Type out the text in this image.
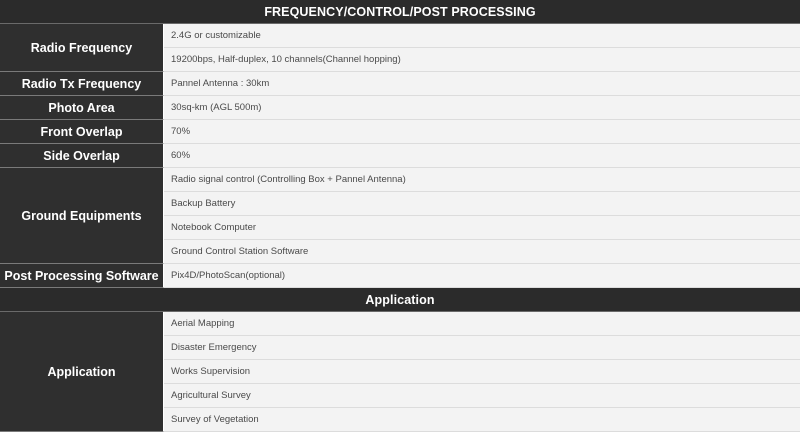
FREQUENCY/CONTROL/POST PROCESSING	
Radio Frequency	2.4G or customizable
	19200bps, Half-duplex, 10 channels(Channel hopping)
Radio Tx Frequency	Pannel Antenna : 30km
Photo Area	30sq-km (AGL 500m)
Front Overlap	70%
Side Overlap	60%
Ground Equipments	Radio signal control (Controlling Box + Pannel Antenna)
	Backup Battery
	Notebook Computer
	Ground Control Station Software
Post Processing Software	Pix4D/PhotoScan(optional)
Application	
Application	Aerial Mapping
	Disaster Emergency
	Works Supervision
	Agricultural Survey
	Survey of Vegetation
